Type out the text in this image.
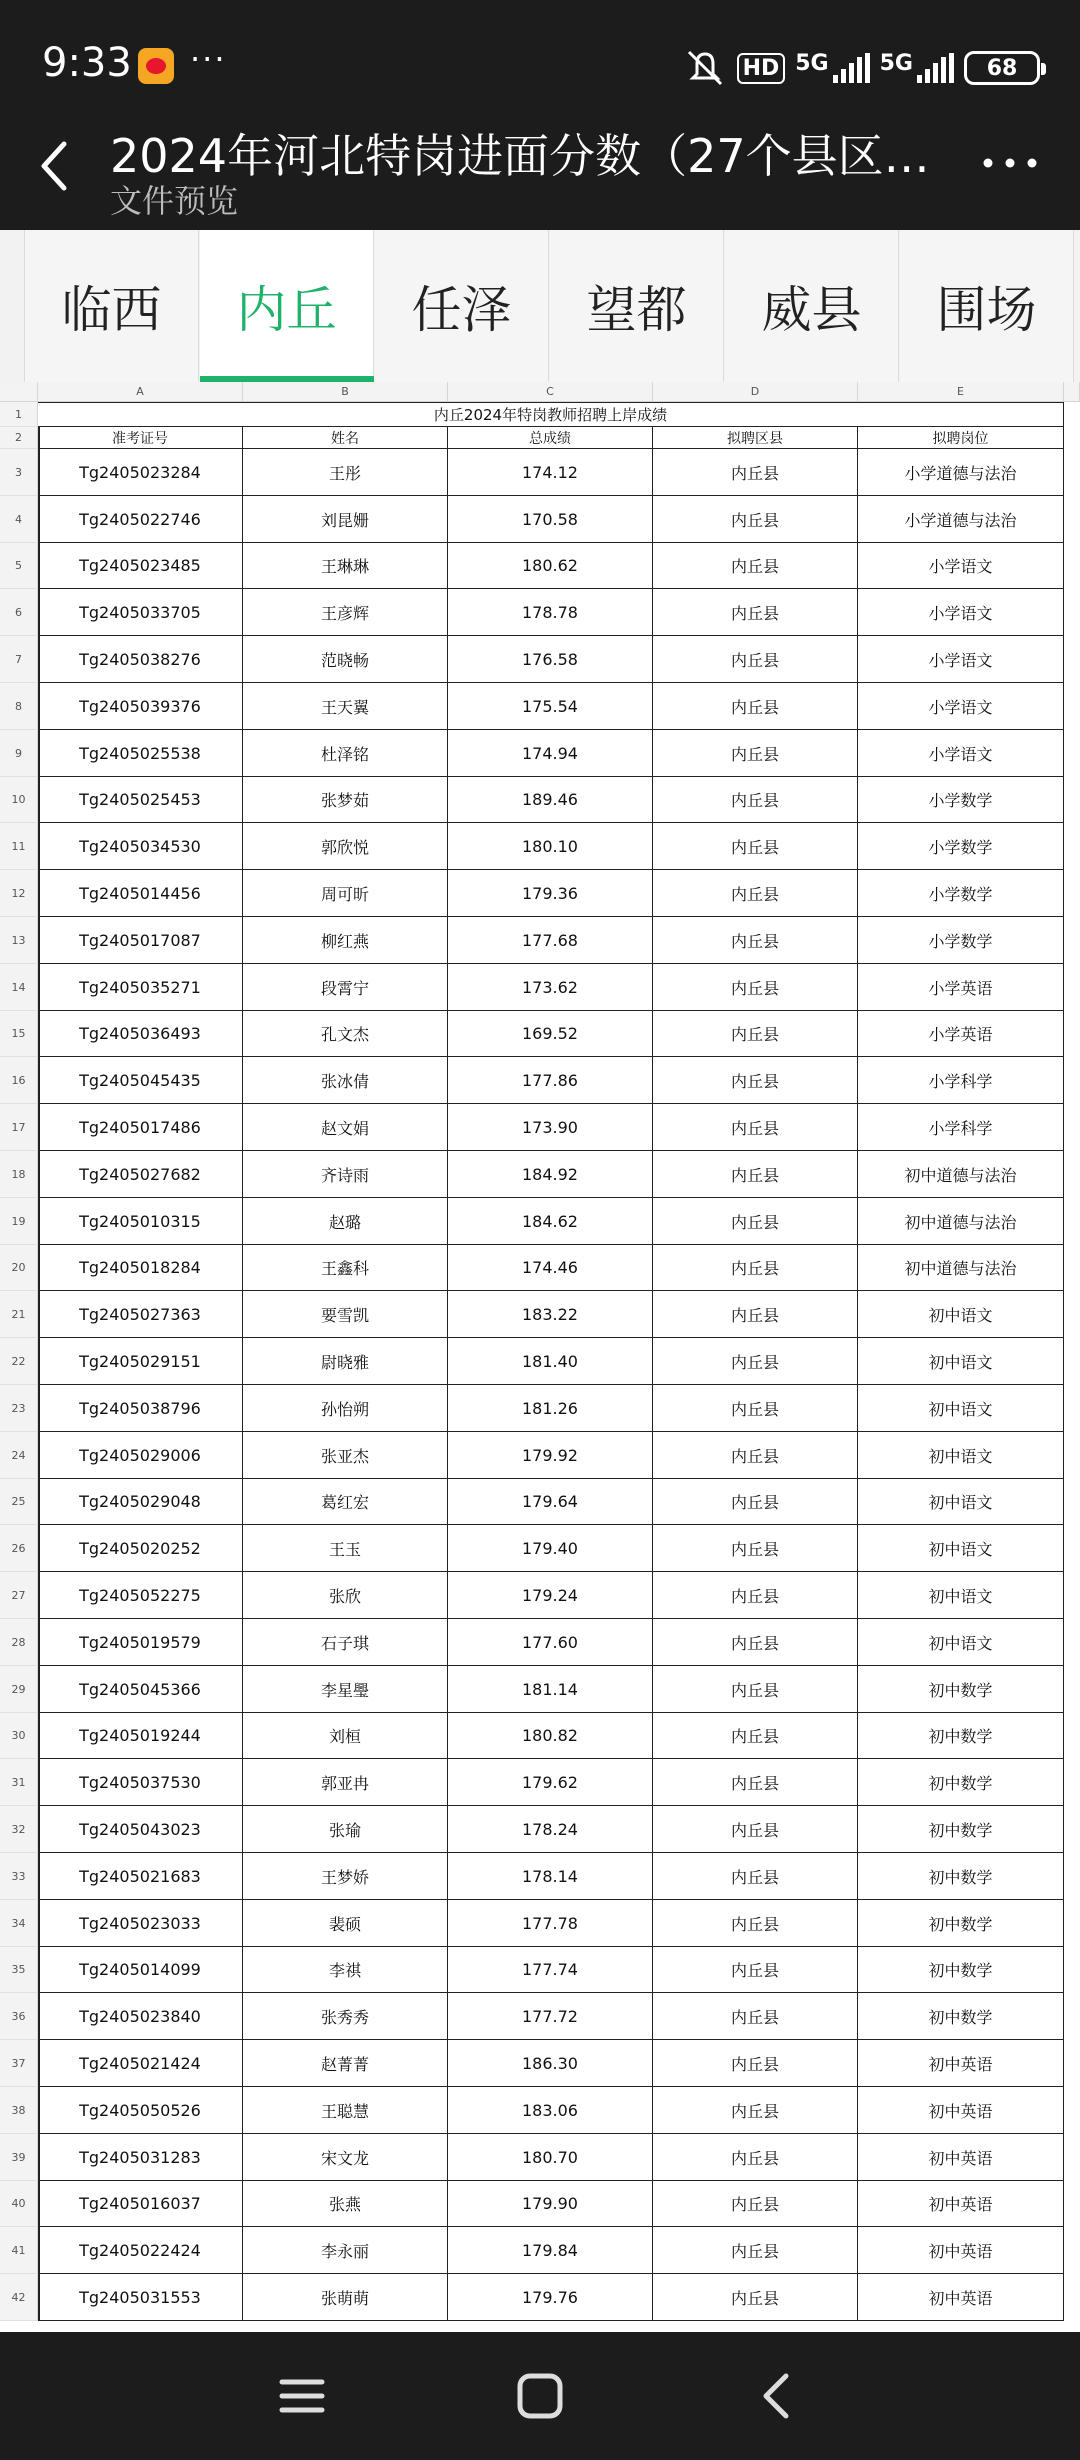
9:33 ···	HD 5G 5G	68
2024年河北特岗进面分数（27个县区…
文件预览
临西	内丘	任泽	望都	威县	围场
A	B	C	D	E
1	内丘2024年特岗教师招聘上岸成绩
2	准考证号	姓名	总成绩	拟聘区县	拟聘岗位
3	Tg2405023284	王彤	174.12	内丘县	小学道德与法治
4	Tg2405022746	刘昆姗	170.58	内丘县	小学道德与法治
5	Tg2405023485	王琳琳	180.62	内丘县	小学语文
6	Tg2405033705	王彦辉	178.78	内丘县	小学语文
7	Tg2405038276	范晓畅	176.58	内丘县	小学语文
8	Tg2405039376	王天翼	175.54	内丘县	小学语文
9	Tg2405025538	杜泽铭	174.94	内丘县	小学语文
10	Tg2405025453	张梦茹	189.46	内丘县	小学数学
11	Tg2405034530	郭欣悦	180.10	内丘县	小学数学
12	Tg2405014456	周可昕	179.36	内丘县	小学数学
13	Tg2405017087	柳红燕	177.68	内丘县	小学数学
14	Tg2405035271	段霄宁	173.62	内丘县	小学英语
15	Tg2405036493	孔文杰	169.52	内丘县	小学英语
16	Tg2405045435	张冰倩	177.86	内丘县	小学科学
17	Tg2405017486	赵文娟	173.90	内丘县	小学科学
18	Tg2405027682	齐诗雨	184.92	内丘县	初中道德与法治
19	Tg2405010315	赵璐	184.62	内丘县	初中道德与法治
20	Tg2405018284	王鑫科	174.46	内丘县	初中道德与法治
21	Tg2405027363	要雪凯	183.22	内丘县	初中语文
22	Tg2405029151	尉晓雅	181.40	内丘县	初中语文
23	Tg2405038796	孙怡朔	181.26	内丘县	初中语文
24	Tg2405029006	张亚杰	179.92	内丘县	初中语文
25	Tg2405029048	葛红宏	179.64	内丘县	初中语文
26	Tg2405020252	王玉	179.40	内丘县	初中语文
27	Tg2405052275	张欣	179.24	内丘县	初中语文
28	Tg2405019579	石子琪	177.60	内丘县	初中语文
29	Tg2405045366	李星璺	181.14	内丘县	初中数学
30	Tg2405019244	刘桓	180.82	内丘县	初中数学
31	Tg2405037530	郭亚冉	179.62	内丘县	初中数学
32	Tg2405043023	张瑜	178.24	内丘县	初中数学
33	Tg2405021683	王梦娇	178.14	内丘县	初中数学
34	Tg2405023033	裴硕	177.78	内丘县	初中数学
35	Tg2405014099	李祺	177.74	内丘县	初中数学
36	Tg2405023840	张秀秀	177.72	内丘县	初中数学
37	Tg2405021424	赵菁菁	186.30	内丘县	初中英语
38	Tg2405050526	王聪慧	183.06	内丘县	初中英语
39	Tg2405031283	宋文龙	180.70	内丘县	初中英语
40	Tg2405016037	张燕	179.90	内丘县	初中英语
41	Tg2405022424	李永丽	179.84	内丘县	初中英语
42	Tg2405031553	张萌萌	179.76	内丘县	初中英语
